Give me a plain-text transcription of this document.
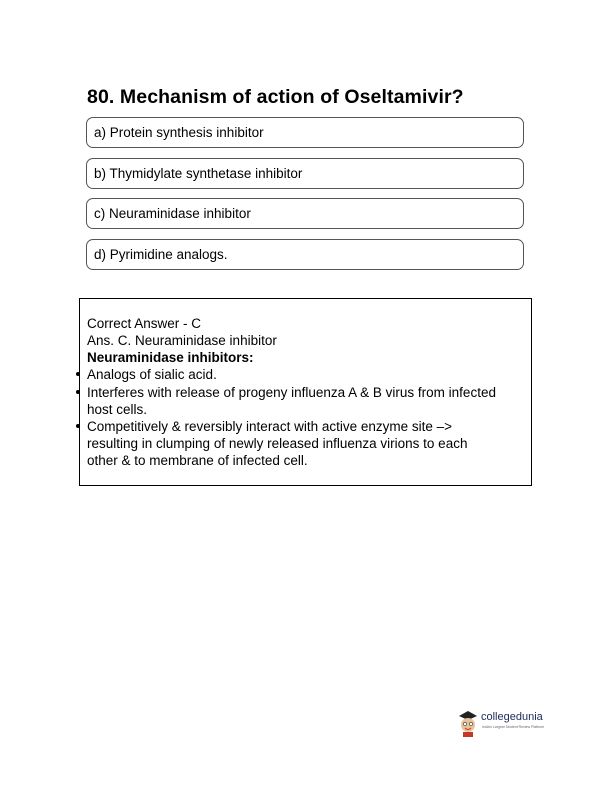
80. Mechanism of action of Oseltamivir?
a) Protein synthesis inhibitor
b) Thymidylate synthetase inhibitor
c) Neuraminidase inhibitor
d) Pyrimidine analogs.
Correct Answer - C
Ans. C. Neuraminidase inhibitor
Neuraminidase inhibitors:
Analogs of sialic acid.
Interferes with release of progeny influenza A & B virus from infected
host cells.
Competitively & reversibly interact with active enzyme site –>
resulting in clumping of newly released influenza virions to each
other & to membrane of infected cell.
collegedunia
India's Largest Student Review Platform
